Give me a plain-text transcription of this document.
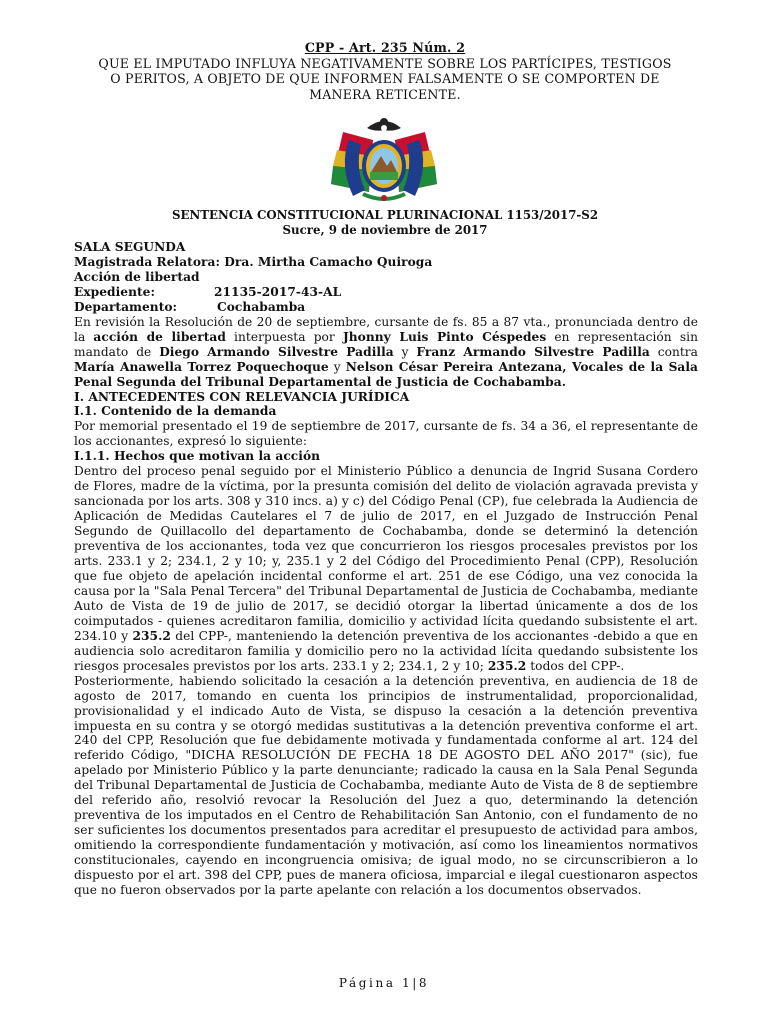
CPP - Art. 235 Núm. 2
QUE EL IMPUTADO INFLUYA NEGATIVAMENTE SOBRE LOS PARTÍCIPES, TESTIGOS
O PERITOS, A OBJETO DE QUE INFORMEN FALSAMENTE O SE COMPORTEN DE
MANERA RETICENTE.
SENTENCIA CONSTITUCIONAL PLURINACIONAL 1153/2017-S2
Sucre, 9 de noviembre de 2017

SALA SEGUNDA

Magistrada Relatora: Dra. Mirtha Camacho Quiroga

Acción de libertad

Expediente:	21135-2017-43-AL

Departamento:	Cochabamba

En revisión la Resolución de 20 de septiembre, cursante de fs. 85 a 87 vta., pronunciada dentro de la acción de libertad interpuesta por Jhonny Luis Pinto Céspedes en representación sin mandato de Diego Armando Silvestre Padilla y Franz Armando Silvestre Padilla contra María Anawella Torrez Poquechoque y Nelson César Pereira Antezana, Vocales de la Sala Penal Segunda del Tribunal Departamental de Justicia de Cochabamba.

I. ANTECEDENTES CON RELEVANCIA JURÍDICA

I.1. Contenido de la demanda

Por memorial presentado el 19 de septiembre de 2017, cursante de fs. 34 a 36, el representante de los accionantes, expresó lo siguiente:

I.1.1. Hechos que motivan la acción

Dentro del proceso penal seguido por el Ministerio Público a denuncia de Ingrid Susana Cordero de Flores, madre de la víctima, por la presunta comisión del delito de violación agravada prevista y sancionada por los arts. 308 y 310 incs. a) y c) del Código Penal (CP), fue celebrada la Audiencia de Aplicación de Medidas Cautelares el 7 de julio de 2017, en el Juzgado de Instrucción Penal Segundo de Quillacollo del departamento de Cochabamba, donde se determinó la detención preventiva de los accionantes, toda vez que concurrieron los riesgos procesales previstos por los arts. 233.1 y 2; 234.1, 2 y 10; y, 235.1 y 2 del Código del Procedimiento Penal (CPP), Resolución que fue objeto de apelación incidental conforme el art. 251 de ese Código, una vez conocida la causa por la "Sala Penal Tercera" del Tribunal Departamental de Justicia de Cochabamba, mediante Auto de Vista de 19 de julio de 2017, se decidió otorgar la libertad únicamente a dos de los coimputados - quienes acreditaron familia, domicilio y actividad lícita quedando subsistente el art. 234.10 y 235.2 del CPP-, manteniendo la detención preventiva de los accionantes -debido a que en audiencia solo acreditaron familia y domicilio pero no la actividad lícita quedando subsistente los riesgos procesales previstos por los arts. 233.1 y 2; 234.1, 2 y 10; 235.2 todos del CPP-.

Posteriormente, habiendo solicitado la cesación a la detención preventiva, en audiencia de 18 de agosto de 2017, tomando en cuenta los principios de instrumentalidad, proporcionalidad, provisionalidad y el indicado Auto de Vista, se dispuso la cesación a la detención preventiva impuesta en su contra y se otorgó medidas sustitutivas a la detención preventiva conforme el art. 240 del CPP, Resolución que fue debidamente motivada y fundamentada conforme al art. 124 del referido Código, "DICHA RESOLUCIÓN DE FECHA 18 DE AGOSTO DEL AÑO 2017" (sic), fue apelado por Ministerio Público y la parte denunciante; radicado la causa en la Sala Penal Segunda del Tribunal Departamental de Justicia de Cochabamba, mediante Auto de Vista de 8 de septiembre del referido año, resolvió revocar la Resolución del Juez a quo, determinando la detención preventiva de los imputados en el Centro de Rehabilitación San Antonio, con el fundamento de no ser suficientes los documentos presentados para acreditar el presupuesto de actividad para ambos, omitiendo la correspondiente fundamentación y motivación, así como los lineamientos normativos constitucionales, cayendo en incongruencia omisiva; de igual modo, no se circunscribieron a lo dispuesto por el art. 398 del CPP, pues de manera oficiosa, imparcial e ilegal cuestionaron aspectos que no fueron observados por la parte apelante con relación a los documentos observados.

Página 1|8
